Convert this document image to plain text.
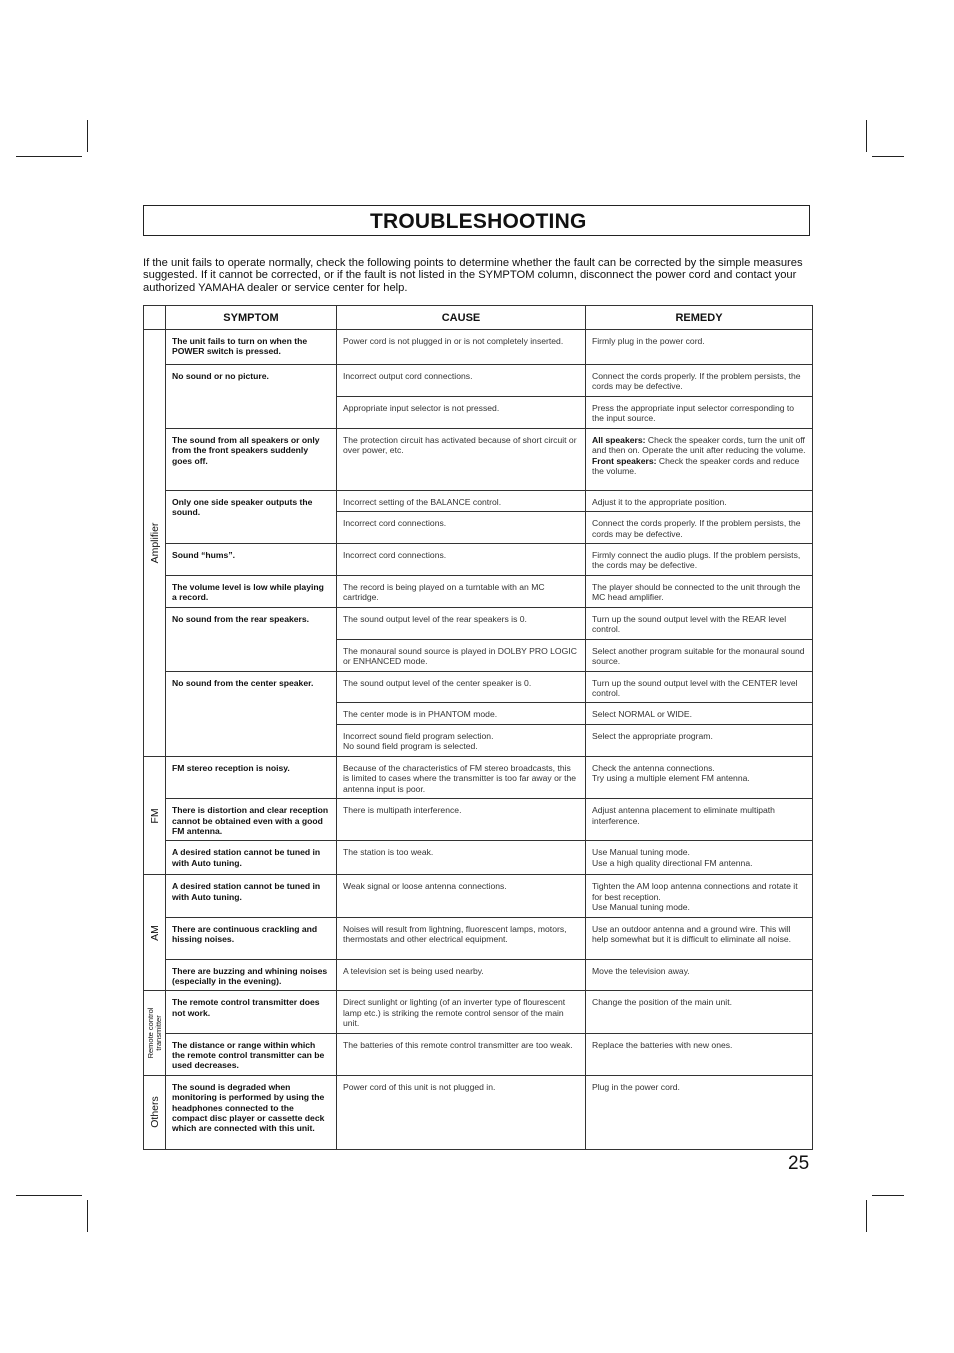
TROUBLESHOOTING
If the unit fails to operate normally, check the following points to determine whether the fault can be corrected by the simple measures suggested. If it cannot be corrected, or if the fault is not listed in the SYMPTOM column, disconnect the power cord and contact your authorized YAMAHA dealer or service center for help.
	SYMPTOM	CAUSE	REMEDY

Amplifier	The unit fails to turn on when the POWER switch is pressed.	Power cord is not plugged in or is not completely inserted.	Firmly plug in the power cord.
	No sound or no picture.	Incorrect output cord connections.	Connect the cords properly. If the problem persists, the cords may be defective.
		Appropriate input selector is not pressed.	Press the appropriate input selector corresponding to the input source.
	The sound from all speakers or only from the front speakers suddenly goes off.	The protection circuit has activated because of short circuit or over power, etc.	All speakers: Check the speaker cords, turn the unit off and then on. Operate the unit after reducing the volume.
Front speakers: Check the speaker cords and reduce the volume.
	Only one side speaker outputs the sound.	Incorrect setting of the BALANCE control.	Adjust it to the appropriate position.
		Incorrect cord connections.	Connect the cords properly. If the problem persists, the cords may be defective.
	Sound “hums”.	Incorrect cord connections.	Firmly connect the audio plugs. If the problem persists, the cords may be defective.
	The volume level is low while playing a record.	The record is being played on a turntable with an MC cartridge.	The player should be connected to the unit through the MC head amplifier.
	No sound from the rear speakers.	The sound output level of the rear speakers is 0.	Turn up the sound output level with the REAR level control.
		The monaural sound source is played in DOLBY PRO LOGIC or ENHANCED mode.	Select another program suitable for the monaural sound source.
	No sound from the center speaker.	The sound output level of the center speaker is 0.	Turn up the sound output level with the CENTER level control.
		The center mode is in PHANTOM mode.	Select NORMAL or WIDE.
		Incorrect sound field program selection.
No sound field program is selected.	Select the appropriate program.

FM	FM stereo reception is noisy.	Because of the characteristics of FM stereo broadcasts, this is limited to cases where the transmitter is too far away or the antenna input is poor.	Check the antenna connections.
Try using a multiple element FM antenna.
	There is distortion and clear reception cannot be obtained even with a good FM antenna.	There is multipath interference.	Adjust antenna placement to eliminate multipath interference.
	A desired station cannot be tuned in with Auto tuning.	The station is too weak.	Use Manual tuning mode.
Use a high quality directional FM antenna.

AM	A desired station cannot be tuned in with Auto tuning.	Weak signal or loose antenna connections.	Tighten the AM loop antenna connections and rotate it for best reception.
Use Manual tuning mode.
	There are continuous crackling and hissing noises.	Noises will result from lightning, fluorescent lamps, motors, thermostats and other electrical equipment.	Use an outdoor antenna and a ground wire. This will help somewhat but it is difficult to eliminate all noise.
	There are buzzing and whining noises (especially in the evening).	A television set is being used nearby.	Move the television away.

Remote control
transmitter	The remote control transmitter does not work.	Direct sunlight or lighting (of an inverter type of flourescent lamp etc.) is striking the remote control sensor of the main unit.	Change the position of the main unit.
	The distance or range within which the remote control transmitter can be used decreases.	The batteries of this remote control transmitter are too weak.	Replace the batteries with new ones.

Others	The sound is degraded when monitoring is performed by using the headphones connected to the compact disc player or cassette deck which are connected with this unit.	Power cord of this unit is not plugged in.	Plug in the power cord.
25
